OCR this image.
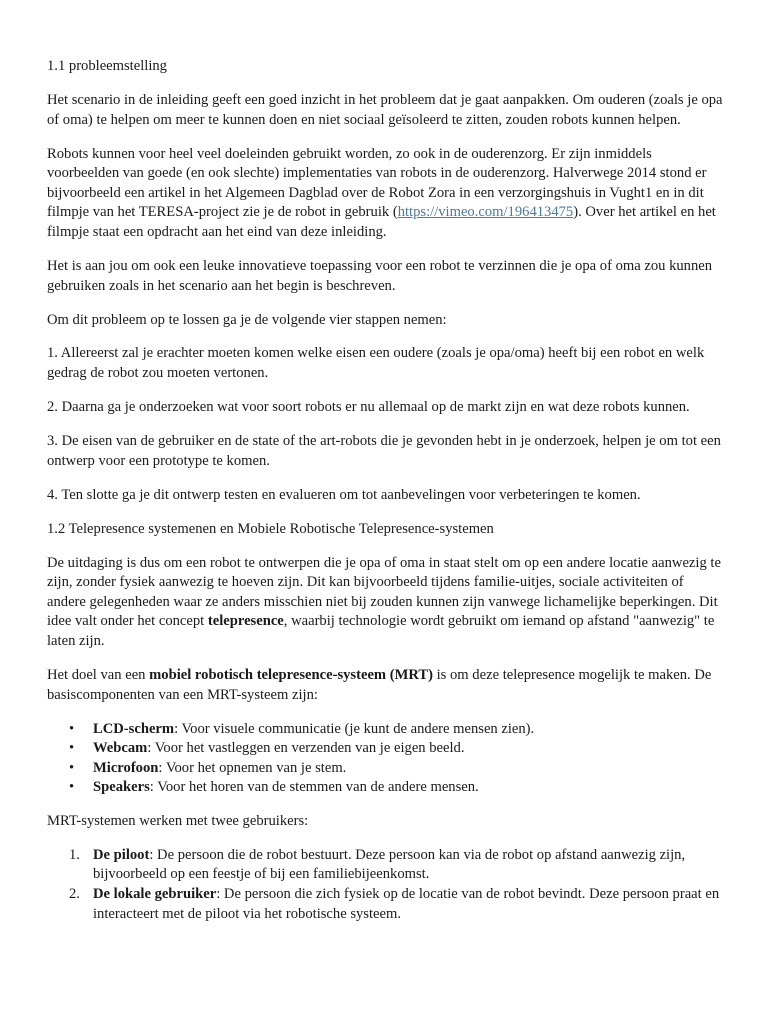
1.1 probleemstelling

Het scenario in de inleiding geeft een goed inzicht in het probleem dat je gaat aanpakken. Om ouderen (zoals je opa of oma) te helpen om meer te kunnen doen en niet sociaal geïsoleerd te zitten, zouden robots kunnen helpen.

Robots kunnen voor heel veel doeleinden gebruikt worden, zo ook in de ouderenzorg. Er zijn inmiddels voorbeelden van goede (en ook slechte) implementaties van robots in de ouderenzorg. Halverwege 2014 stond er bijvoorbeeld een artikel in het Algemeen Dagblad over de Robot Zora in een verzorgingshuis in Vught1 en in dit filmpje van het TERESA-project zie je de robot in gebruik (https://vimeo.com/196413475). Over het artikel en het filmpje staat een opdracht aan het eind van deze inleiding.

Het is aan jou om ook een leuke innovatieve toepassing voor een robot te verzinnen die je opa of oma zou kunnen gebruiken zoals in het scenario aan het begin is beschreven.

Om dit probleem op te lossen ga je de volgende vier stappen nemen:

1. Allereerst zal je erachter moeten komen welke eisen een oudere (zoals je opa/oma) heeft bij een robot en welk gedrag de robot zou moeten vertonen.

2. Daarna ga je onderzoeken wat voor soort robots er nu allemaal op de markt zijn en wat deze robots kunnen.

3. De eisen van de gebruiker en de state of the art-robots die je gevonden hebt in je onderzoek, helpen je om tot een ontwerp voor een prototype te komen.

4. Ten slotte ga je dit ontwerp testen en evalueren om tot aanbevelingen voor verbeteringen te komen.

1.2 Telepresence systemenen en Mobiele Robotische Telepresence-systemen

De uitdaging is dus om een robot te ontwerpen die je opa of oma in staat stelt om op een andere locatie aanwezig te zijn, zonder fysiek aanwezig te hoeven zijn. Dit kan bijvoorbeeld tijdens familie-uitjes, sociale activiteiten of andere gelegenheden waar ze anders misschien niet bij zouden kunnen zijn vanwege lichamelijke beperkingen. Dit idee valt onder het concept telepresence, waarbij technologie wordt gebruikt om iemand op afstand "aanwezig" te laten zijn.

Het doel van een mobiel robotisch telepresence-systeem (MRT) is om deze telepresence mogelijk te maken. De basiscomponenten van een MRT-systeem zijn:

• LCD-scherm: Voor visuele communicatie (je kunt de andere mensen zien).
• Webcam: Voor het vastleggen en verzenden van je eigen beeld.
• Microfoon: Voor het opnemen van je stem.
• Speakers: Voor het horen van de stemmen van de andere mensen.

MRT-systemen werken met twee gebruikers:

1. De piloot: De persoon die de robot bestuurt. Deze persoon kan via de robot op afstand aanwezig zijn, bijvoorbeeld op een feestje of bij een familiebijeenkomst.
2. De lokale gebruiker: De persoon die zich fysiek op de locatie van de robot bevindt. Deze persoon praat en interacteert met de piloot via het robotische systeem.
